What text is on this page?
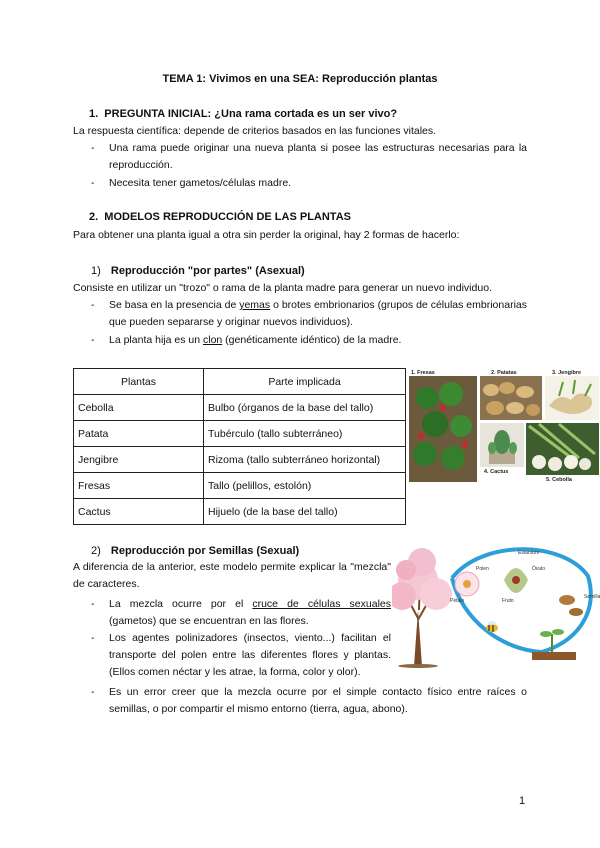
TEMA 1: Vivimos en una SEA: Reproducción plantas
1.  PREGUNTA INICIAL: ¿Una rama cortada es un ser vivo?
La respuesta científica: depende de criterios basados en las funciones vitales.
- Una rama puede originar una nueva planta si posee las estructuras necesarias para la reproducción.
- Necesita tener gametos/células madre.
2.  MODELOS REPRODUCCIÓN DE LAS PLANTAS
Para obtener una planta igual a otra sin perder la original, hay 2 formas de hacerlo:
1) Reproducción "por partes" (Asexual)
Consiste en utilizar un "trozo" o rama de la planta madre para generar un nuevo individuo.
- Se basa en la presencia de yemas o brotes embrionarios (grupos de células embrionarias que pueden separarse y originar nuevos individuos).
- La planta hija es un clon (genéticamente idéntico) de la madre.
Plantas	Parte implicada
Cebolla	Bulbo (órganos de la base del tallo)
Patata	Tubérculo (tallo subterráneo)
Jengibre	Rizoma (tallo subterráneo horizontal)
Fresas	Tallo (pelillos, estolón)
Cactus	Hijuelo (de la base del tallo)
1. Fresas	2. Patatas	3. Jengibre
4. Cactus
5. Cebolla
2) Reproducción por Semillas (Sexual)
A diferencia de la anterior, este modelo permite explicar la "mezcla" de caracteres.
- La mezcla ocurre por el cruce de células sexuales (gametos) que se encuentran en las flores.
- Los agentes polinizadores (insectos, viento...) facilitan el transporte del polen entre las diferentes flores y plantas. (Ellos comen néctar y les atrae, la forma, color y olor).
- Es un error creer que la mezcla ocurre por el simple contacto físico entre raíces o semillas, o por compartir el mismo entorno (tierra, agua, abono).
Polen
Pétalo
Óvulo
Semilla
Fruto
Estambre
1
